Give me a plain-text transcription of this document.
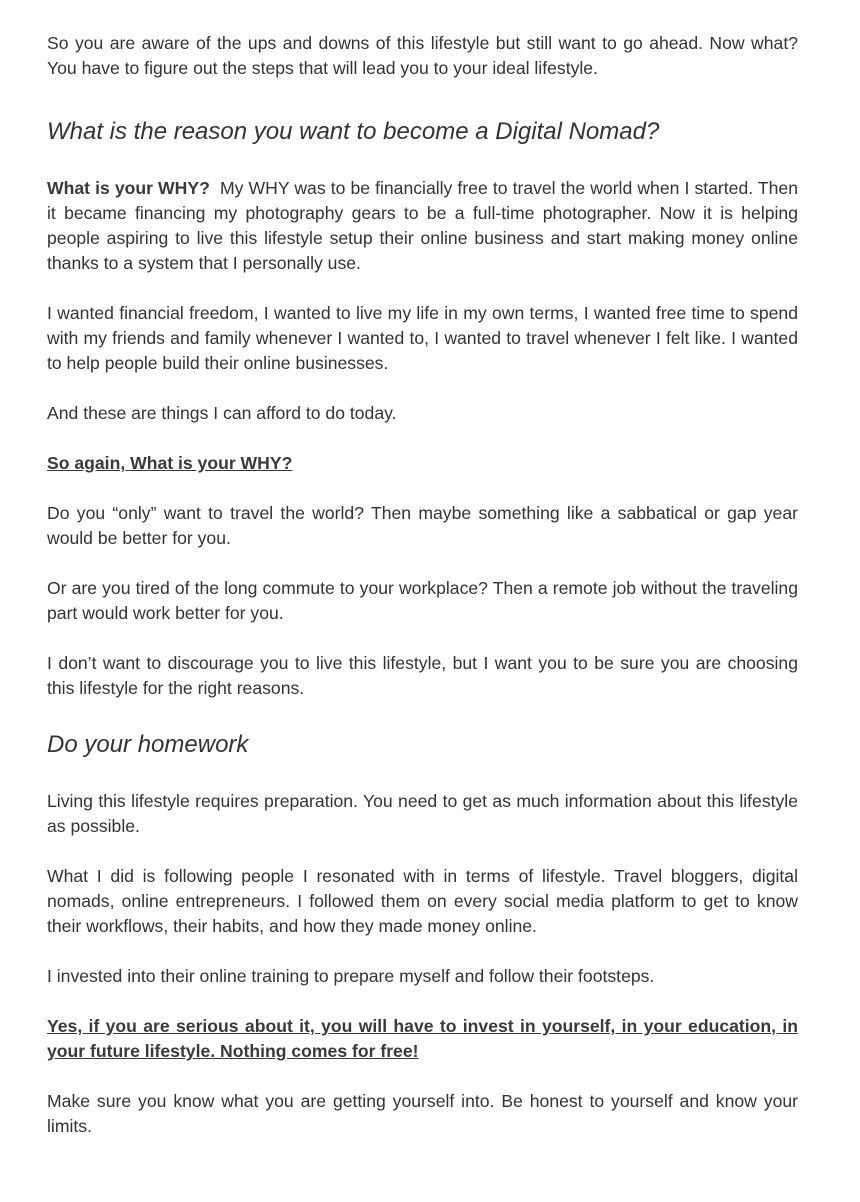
So you are aware of the ups and downs of this lifestyle but still want to go ahead. Now what? You have to figure out the steps that will lead you to your ideal lifestyle.

What is the reason you want to become a Digital Nomad?

What is your WHY?  My WHY was to be financially free to travel the world when I started. Then it became financing my photography gears to be a full-time photographer. Now it is helping people aspiring to live this lifestyle setup their online business and start making money online thanks to a system that I personally use.

I wanted financial freedom, I wanted to live my life in my own terms, I wanted free time to spend with my friends and family whenever I wanted to, I wanted to travel whenever I felt like. I wanted to help people build their online businesses.

And these are things I can afford to do today.

So again, What is your WHY?

Do you “only” want to travel the world? Then maybe something like a sabbatical or gap year would be better for you.

Or are you tired of the long commute to your workplace? Then a remote job without the traveling part would work better for you.

I don’t want to discourage you to live this lifestyle, but I want you to be sure you are choosing this lifestyle for the right reasons.

Do your homework

Living this lifestyle requires preparation. You need to get as much information about this lifestyle as possible.

What I did is following people I resonated with in terms of lifestyle. Travel bloggers, digital nomads, online entrepreneurs. I followed them on every social media platform to get to know their workflows, their habits, and how they made money online.

I invested into their online training to prepare myself and follow their footsteps.

Yes, if you are serious about it, you will have to invest in yourself, in your education, in your future lifestyle. Nothing comes for free!

Make sure you know what you are getting yourself into. Be honest to yourself and know your limits.
